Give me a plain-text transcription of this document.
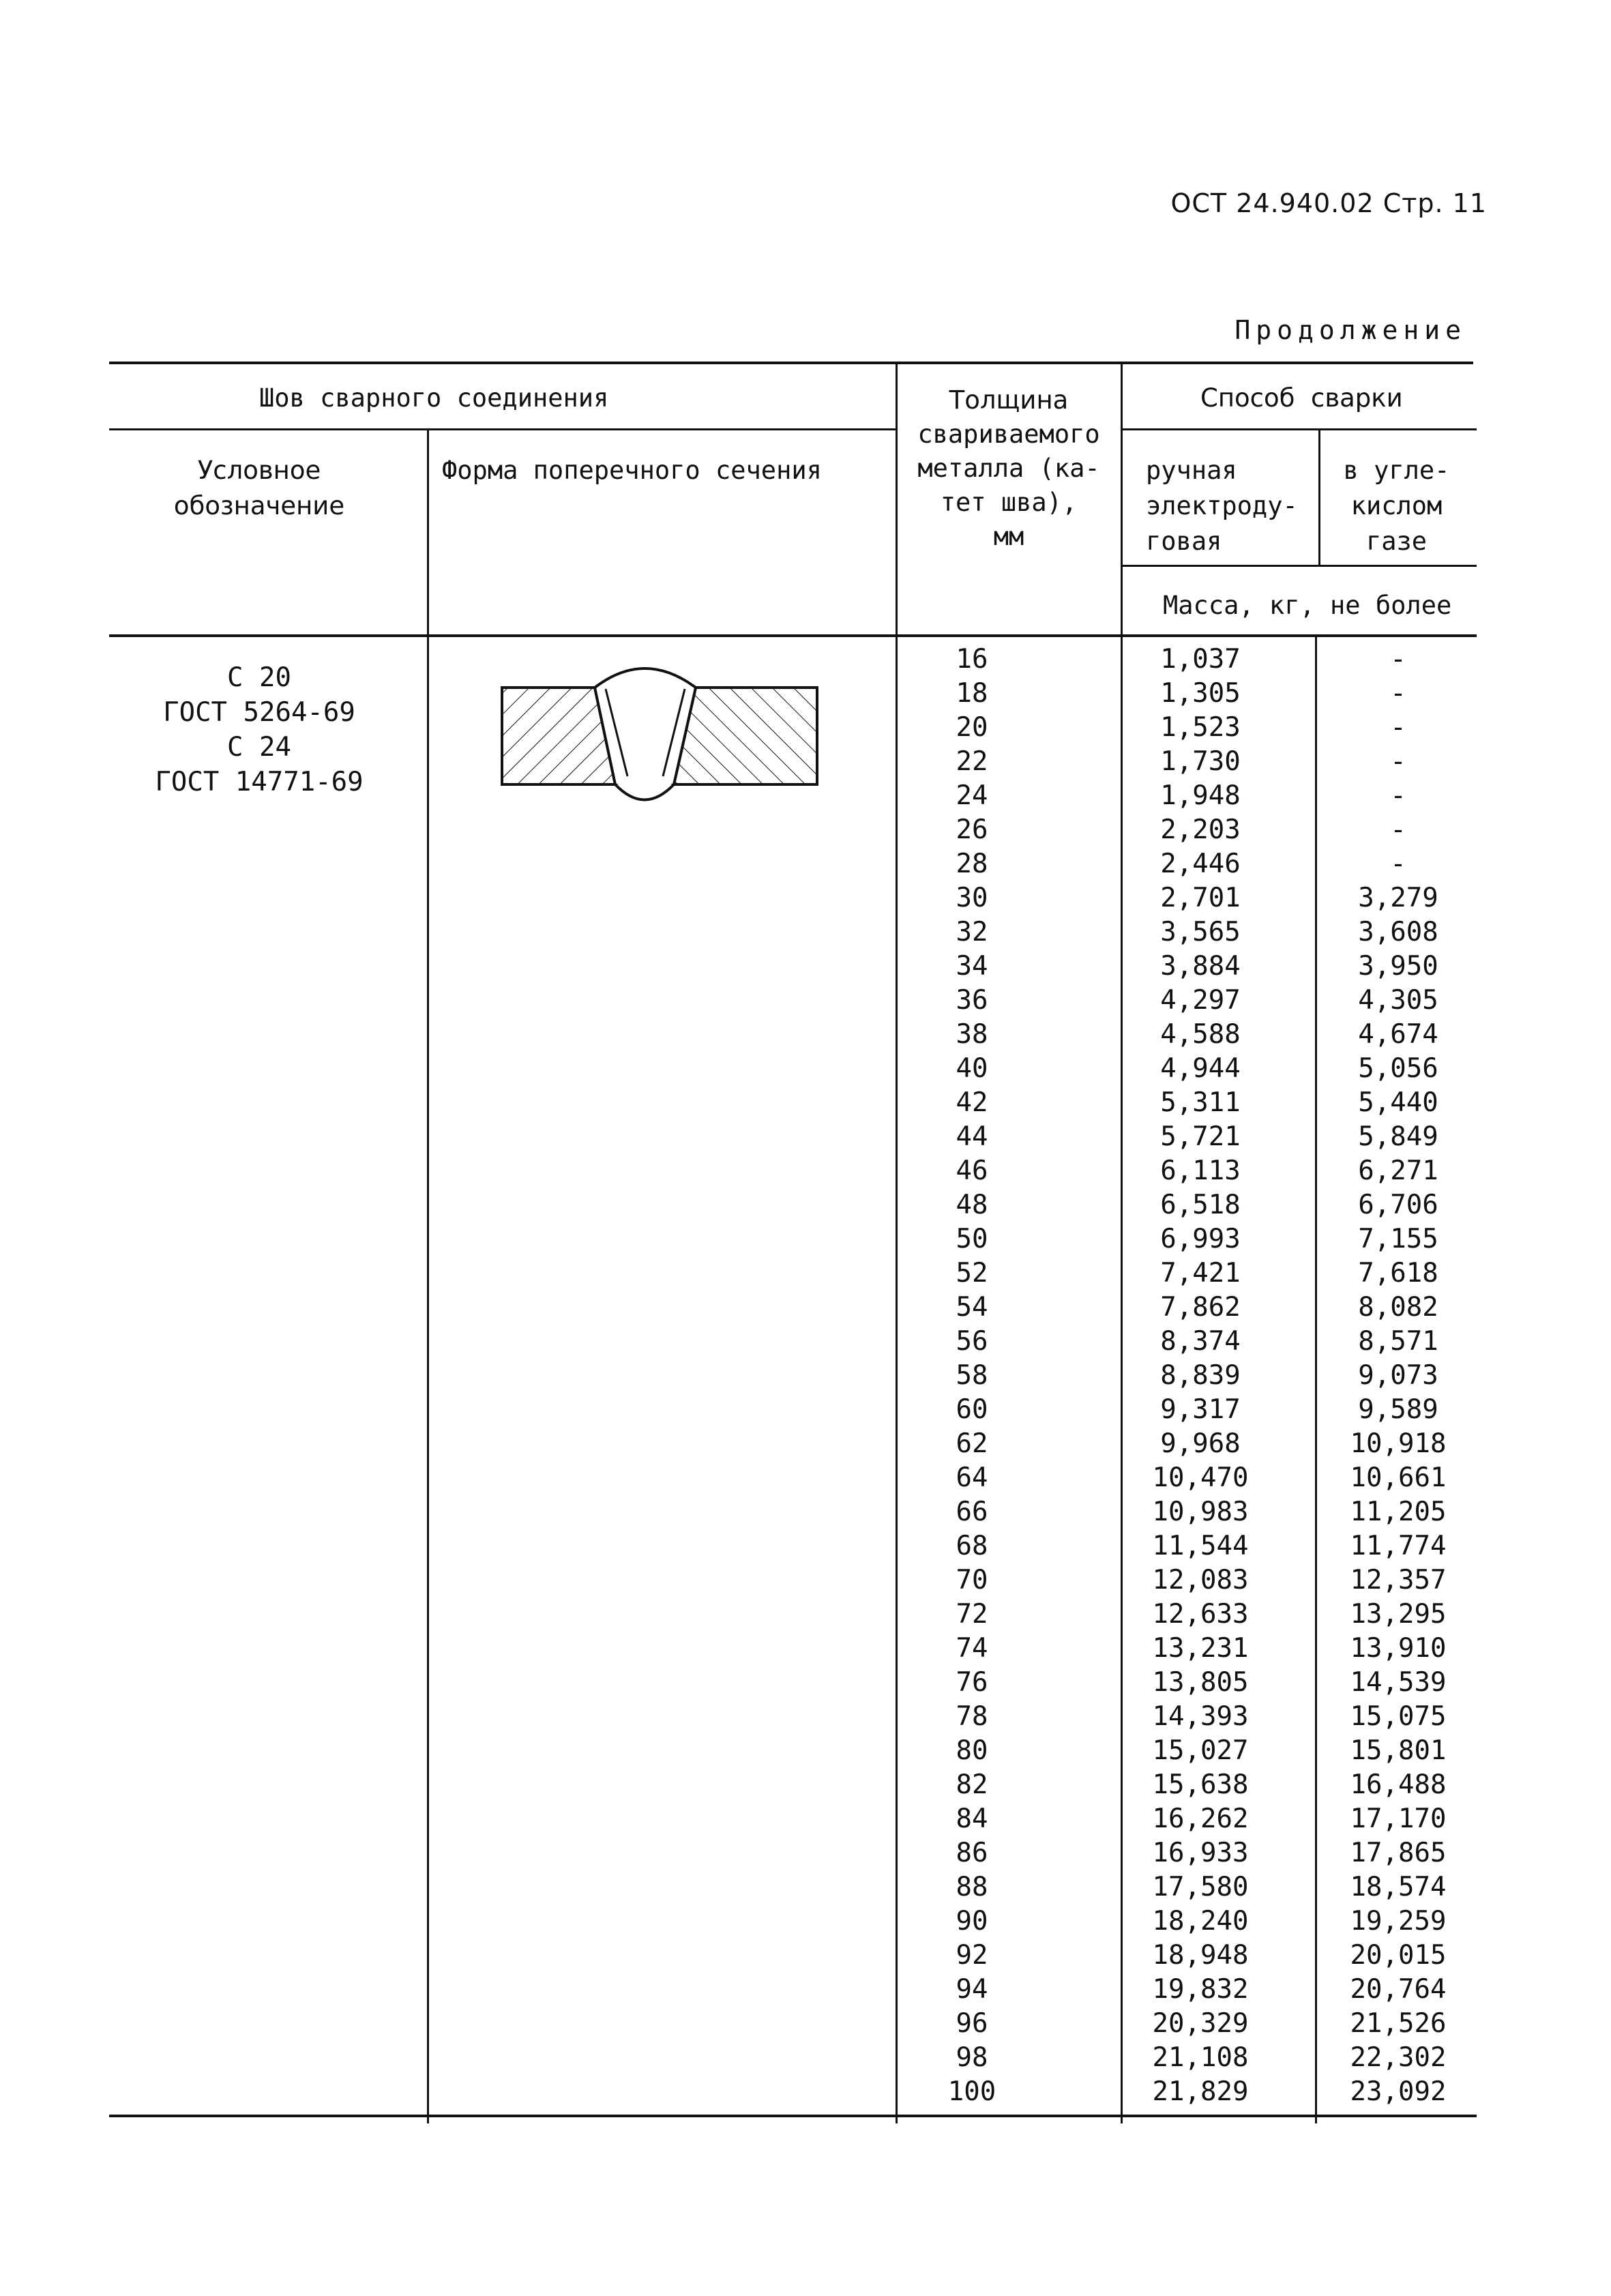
ОСТ 24.940.02 Стр. 11
Продолжение
Шов сварного соединения
Условное
обозначение
Форма поперечного сечения
Толщина
свариваемого
металла (ка-
тет шва),
мм
Способ  сварки
ручная
электроду-
говая
в угле-
кислом
газе
Масса, кг, не более
С 20
ГОСТ 5264-69
С 24
ГОСТ 14771-69
16	1,037	-
18	1,305	-
20	1,523	-
22	1,730	-
24	1,948	-
26	2,203	-
28	2,446	-
30	2,701	3,279
32	3,565	3,608
34	3,884	3,950
36	4,297	4,305
38	4,588	4,674
40	4,944	5,056
42	5,311	5,440
44	5,721	5,849
46	6,113	6,271
48	6,518	6,706
50	6,993	7,155
52	7,421	7,618
54	7,862	8,082
56	8,374	8,571
58	8,839	9,073
60	9,317	9,589
62	9,968	10,918
64	10,470	10,661
66	10,983	11,205
68	11,544	11,774
70	12,083	12,357
72	12,633	13,295
74	13,231	13,910
76	13,805	14,539
78	14,393	15,075
80	15,027	15,801
82	15,638	16,488
84	16,262	17,170
86	16,933	17,865
88	17,580	18,574
90	18,240	19,259
92	18,948	20,015
94	19,832	20,764
96	20,329	21,526
98	21,108	22,302
100	21,829	23,092
